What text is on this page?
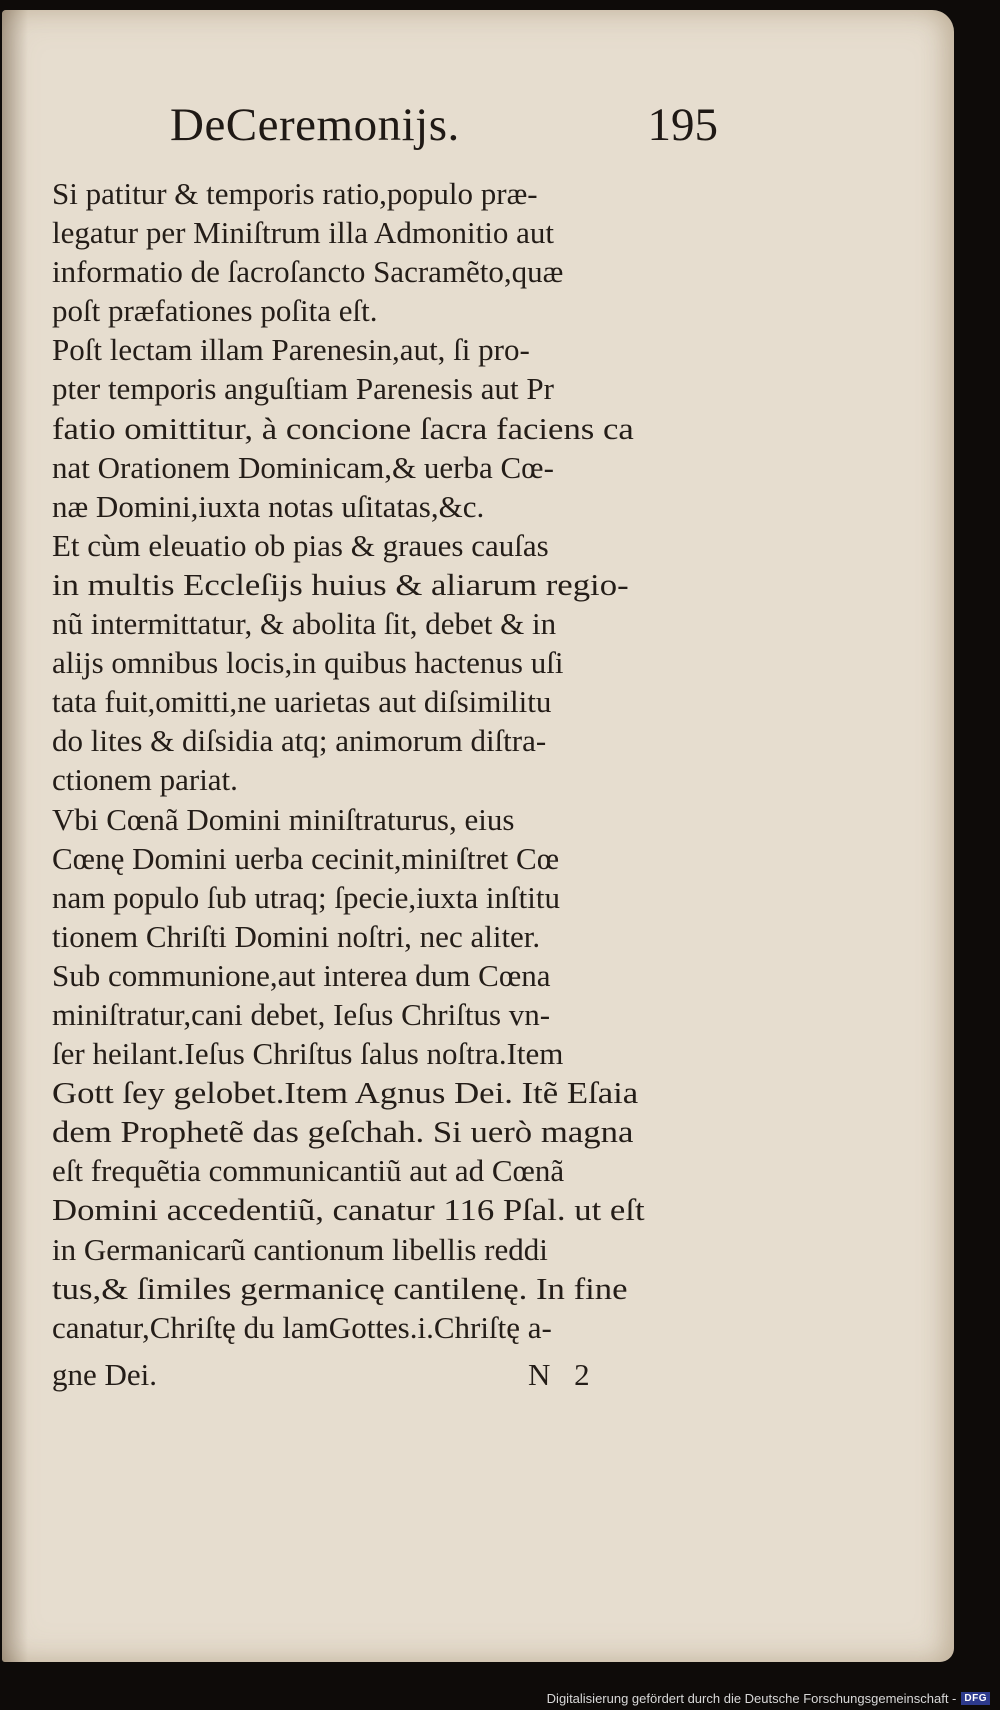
DeCeremonijs.	195
Si patitur & temporis ratio,populo præ-
legatur per Miniſtrum illa Admonitio aut
informatio de ſacroſancto Sacramẽto,quæ
poſt præfationes poſita eſt.
Poſt lectam illam Parenesin,aut, ſi pro-
pter temporis anguſtiam Parenesis aut Pr
fatio omittitur, à concione ſacra faciens ca
nat Orationem Dominicam,& uerba Cœ-
næ Domini,iuxta notas uſitatas,&c.
Et cùm eleuatio ob pias & graues cauſas
in multis Eccleſijs huius & aliarum regio-
nũ intermittatur, & abolita ſit, debet & in
alijs omnibus locis,in quibus hactenus uſi
tata fuit,omitti,ne uarietas aut diſsimilitu
do lites & diſsidia atq; animorum diſtra-
ctionem pariat.
Vbi Cœnã Domini miniſtraturus, eius
Cœnę Domini uerba cecinit,miniſtret Cœ
nam populo ſub utraq; ſpecie,iuxta inſtitu
tionem Chriſti Domini noſtri, nec aliter.
Sub communione,aut interea dum Cœna
miniſtratur,cani debet, Ieſus Chriſtus vn-
ſer heilant.Ieſus Chriſtus ſalus noſtra.Item
Gott ſey gelobet.Item Agnus Dei. Itẽ Eſaia
dem Prophetẽ das geſchah. Si uerò magna
eſt frequẽtia communicantiũ aut ad Cœnã
Domini accedentiũ, canatur 116 Pſal. ut eſt
in Germanicarũ cantionum libellis reddi
tus,& ſimiles germanicę cantilenę. In fine
canatur,Chriſtę du lamGottes.i.Chriſtę a-
gne Dei.	N 2
Digitalisierung gefördert durch die Deutsche Forschungsgemeinschaft - DFG
